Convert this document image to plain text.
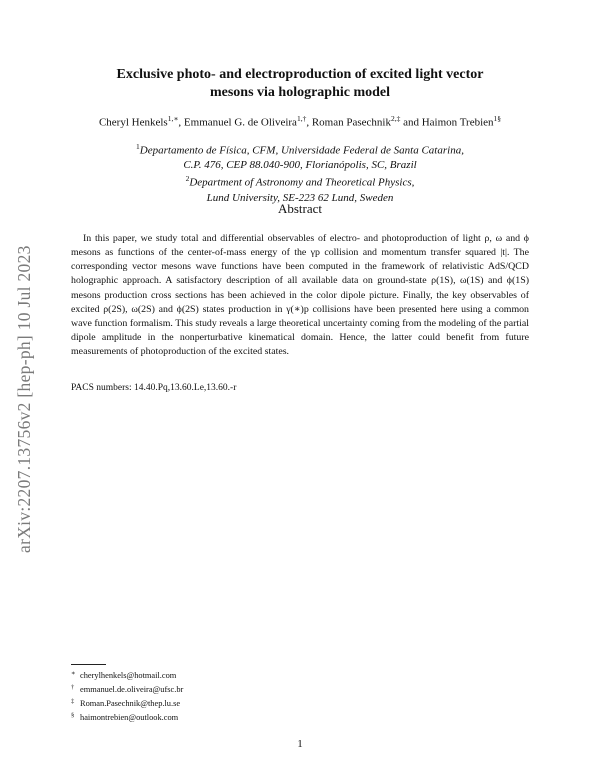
arXiv:2207.13756v2 [hep-ph] 10 Jul 2023
Exclusive photo- and electroproduction of excited light vector
mesons via holographic model
Cheryl Henkels$^{1,∗}$, Emmanuel G. de Oliveira$^{1,\dagger}$, Roman Pasechnik$^{2,\ddagger}$ and Haimon Trebien$^{1\S}$
$^1$Departamento de Física, CFM, Universidade Federal de Santa Catarina,
C.P. 476, CEP 88.040-900, Florianópolis, SC, Brazil
$^2$Department of Astronomy and Theoretical Physics,
Lund University, SE-223 62 Lund, Sweden
Abstract

In this paper, we study total and differential observables of electro- and photoproduction of light ρ, ω and ϕ mesons as functions of the center-of-mass energy of the γp collision and momentum transfer squared |t|. The corresponding vector mesons wave functions have been computed in the framework of relativistic AdS/QCD holographic approach. A satisfactory description of all available data on ground-state ρ(1S), ω(1S) and ϕ(1S) mesons production cross sections has been achieved in the color dipole picture. Finally, the key observables of excited ρ(2S), ω(2S) and ϕ(2S) states production in γ(∗)p collisions have been presented here using a common wave function formalism. This study reveals a large theoretical uncertainty coming from the modeling of the partial dipole amplitude in the nonperturbative kinematical domain. Hence, the latter could benefit from future measurements of photoproduction of the excited states.

PACS numbers: 14.40.Pq,13.60.Le,13.60.-r
∗ cherylhenkels@hotmail.com
† emmanuel.de.oliveira@ufsc.br
‡ Roman.Pasechnik@thep.lu.se
§ haimontrebien@outlook.com
1
